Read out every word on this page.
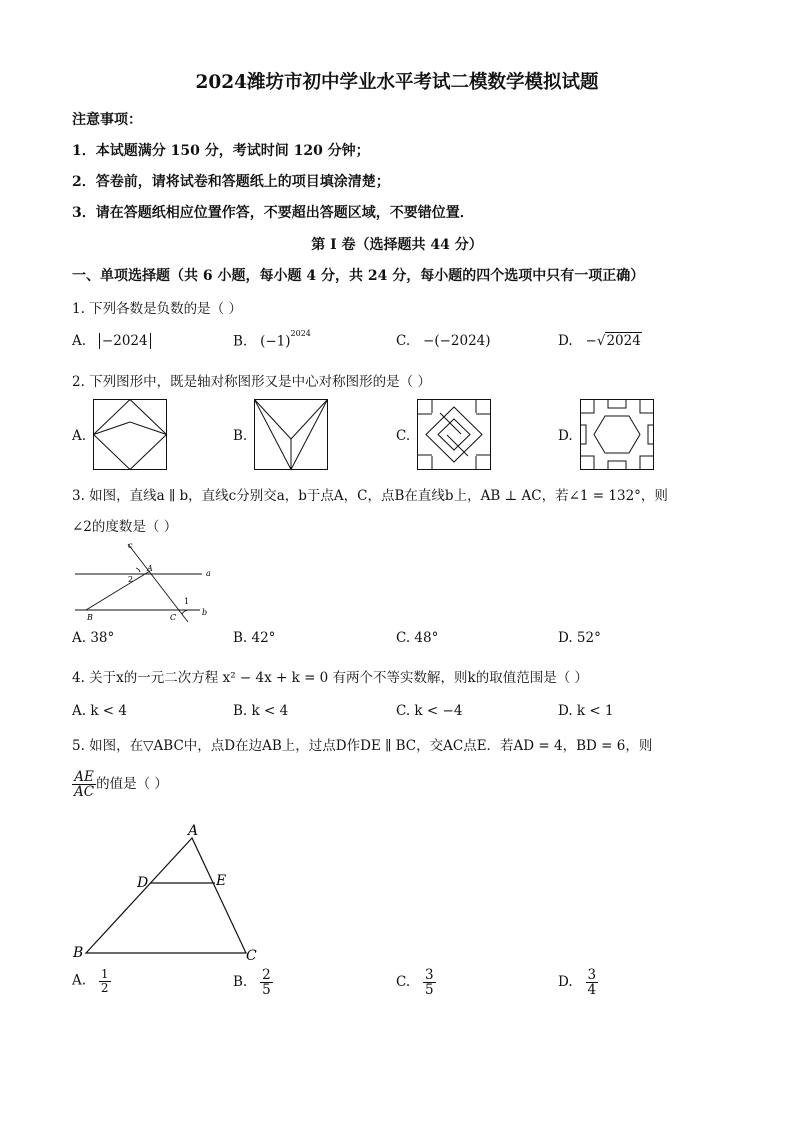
2024潍坊市初中学业水平考试二模数学模拟试题
注意事项：
1．本试题满分 150 分，考试时间 120 分钟；
2．答卷前，请将试卷和答题纸上的项目填涂清楚；
3．请在答题纸相应位置作答，不要超出答题区域，不要错位置．
第 I 卷（选择题共 44 分）
一、单项选择题（共 6 小题，每小题 4 分，共 24 分，每小题的四个选项中只有一项正确）
1. 下列各数是负数的是（ ）
A. −2024	B. $(-1)^{2024}$	C. −(−2024)	D. −√2024
2. 下列图形中，既是轴对称图形又是中心对称图形的是（ ）
A.	B.	C.	D.
3. 如图，直线a ∥ b，直线c分别交a，b于点A，C，点B在直线b上，AB ⊥ AC，若∠1 = 132°，则
∠2的度数是（ ）
c
A
2
a
1
B	C
b
A. 38°	B. 42°	C. 48°	D. 52°
4. 关于x的一元二次方程 x² − 4x + k = 0 有两个不等实数解，则k的取值范围是（ ）
A. k < 4	B. k < 4	C. k < −4	D. k < 1
5. 如图，在▽ABC中，点D在边AB上，过点D作DE ∥ BC，交AC点E．若AD = 4，BD = 6，则
$\frac{AE}{AC}$ 的值是（ ）
A
D	E
B	C
A. $\frac{1}{2}$	B. $\frac{2}{5}$	C. $\frac{3}{5}$	D. $\frac{3}{4}$
